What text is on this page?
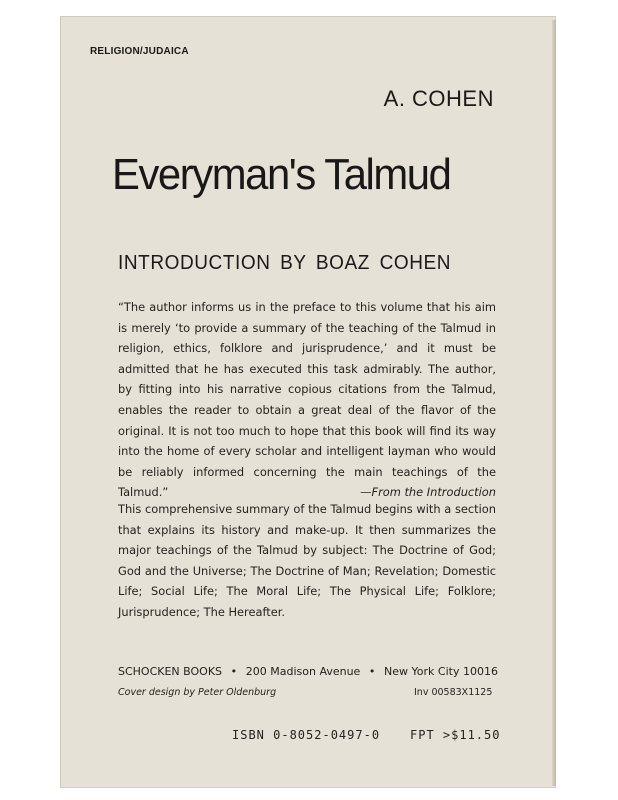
RELIGION/JUDAICA
A. COHEN
Everyman's Talmud
INTRODUCTION BY BOAZ COHEN
“The author informs us in the preface to this volume that his aim is merely ‘to provide a summary of the teaching of the Talmud in religion, ethics, folklore and jurisprudence,’ and it must be admitted that he has executed this task admirably. The author, by fitting into his narrative copious citations from the Talmud, enables the reader to obtain a great deal of the flavor of the original. It is not too much to hope that this book will find its way into the home of every scholar and intelligent layman who would be reliably informed concerning the main teachings of the Talmud.”	—From the Introduction
This comprehensive summary of the Talmud begins with a section that explains its history and make-up. It then summarizes the major teachings of the Talmud by subject: The Doctrine of God; God and the Universe; The Doctrine of Man; Revelation; Domestic Life; Social Life; The Moral Life; The Physical Life; Folklore; Jurisprudence; The Hereafter.
SCHOCKEN BOOKS • 200 Madison Avenue • New York City 10016
Cover design by Peter Oldenburg	Inv 00583X1125
ISBN 0-8052-0497-0 FPT >$11.50
